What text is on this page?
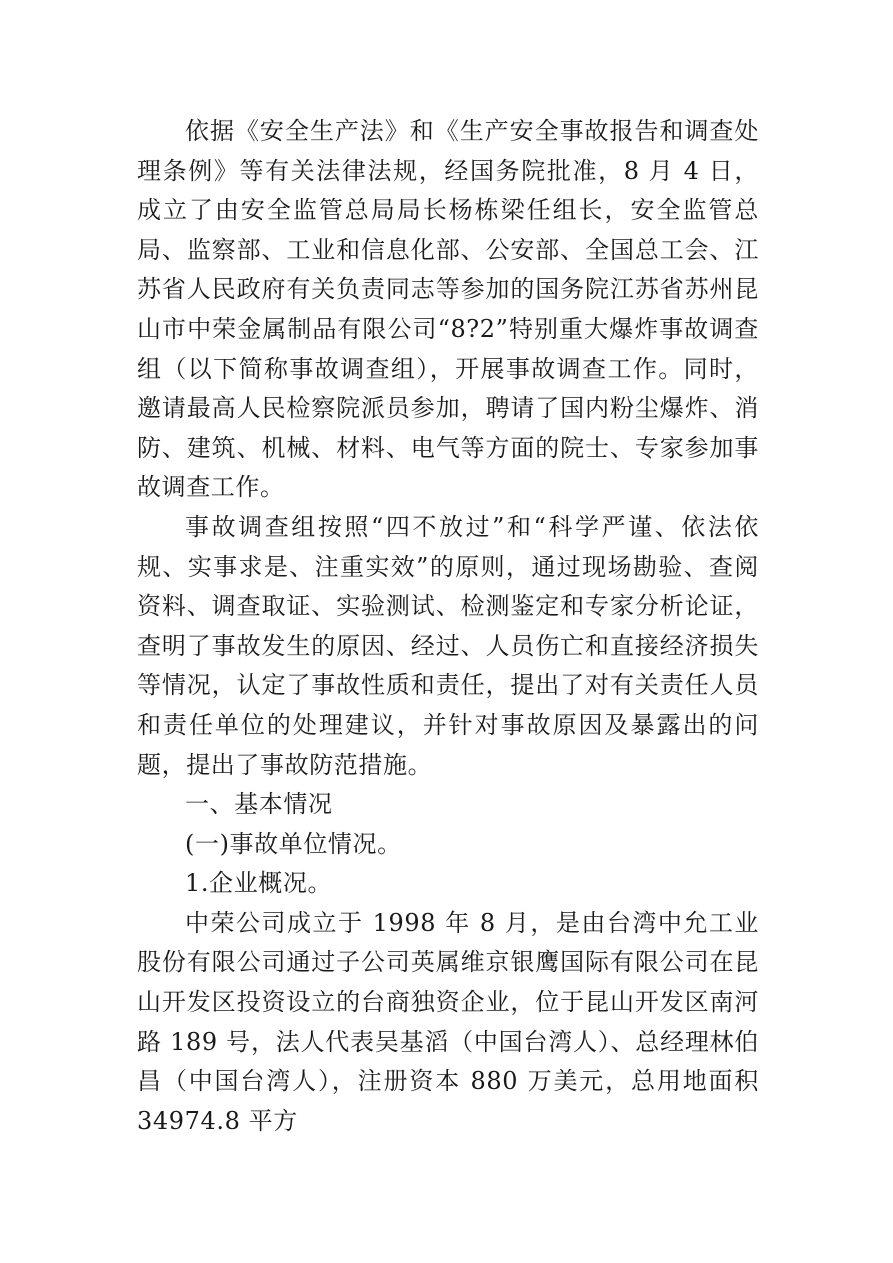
依据《安全生产法》和《生产安全事故报告和调查处理条例》等有关法律法规，经国务院批准，8 月 4 日，成立了由安全监管总局局长杨栋梁任组长，安全监管总局、监察部、工业和信息化部、公安部、全国总工会、江苏省人民政府有关负责同志等参加的国务院江苏省苏州昆山市中荣金属制品有限公司“8?2”特别重大爆炸事故调查组（以下简称事故调查组），开展事故调查工作。同时，邀请最高人民检察院派员参加，聘请了国内粉尘爆炸、消防、建筑、机械、材料、电气等方面的院士、专家参加事故调查工作。

事故调查组按照“四不放过”和“科学严谨、依法依规、实事求是、注重实效”的原则，通过现场勘验、查阅资料、调查取证、实验测试、检测鉴定和专家分析论证，查明了事故发生的原因、经过、人员伤亡和直接经济损失等情况，认定了事故性质和责任，提出了对有关责任人员和责任单位的处理建议，并针对事故原因及暴露出的问题，提出了事故防范措施。

一、基本情况

(一)事故单位情况。

1.企业概况。

中荣公司成立于 1998 年 8 月，是由台湾中允工业股份有限公司通过子公司英属维京银鹰国际有限公司在昆山开发区投资设立的台商独资企业，位于昆山开发区南河路 189 号，法人代表吴基滔（中国台湾人）、总经理林伯昌（中国台湾人），注册资本 880 万美元，总用地面积 34974.8 平方
